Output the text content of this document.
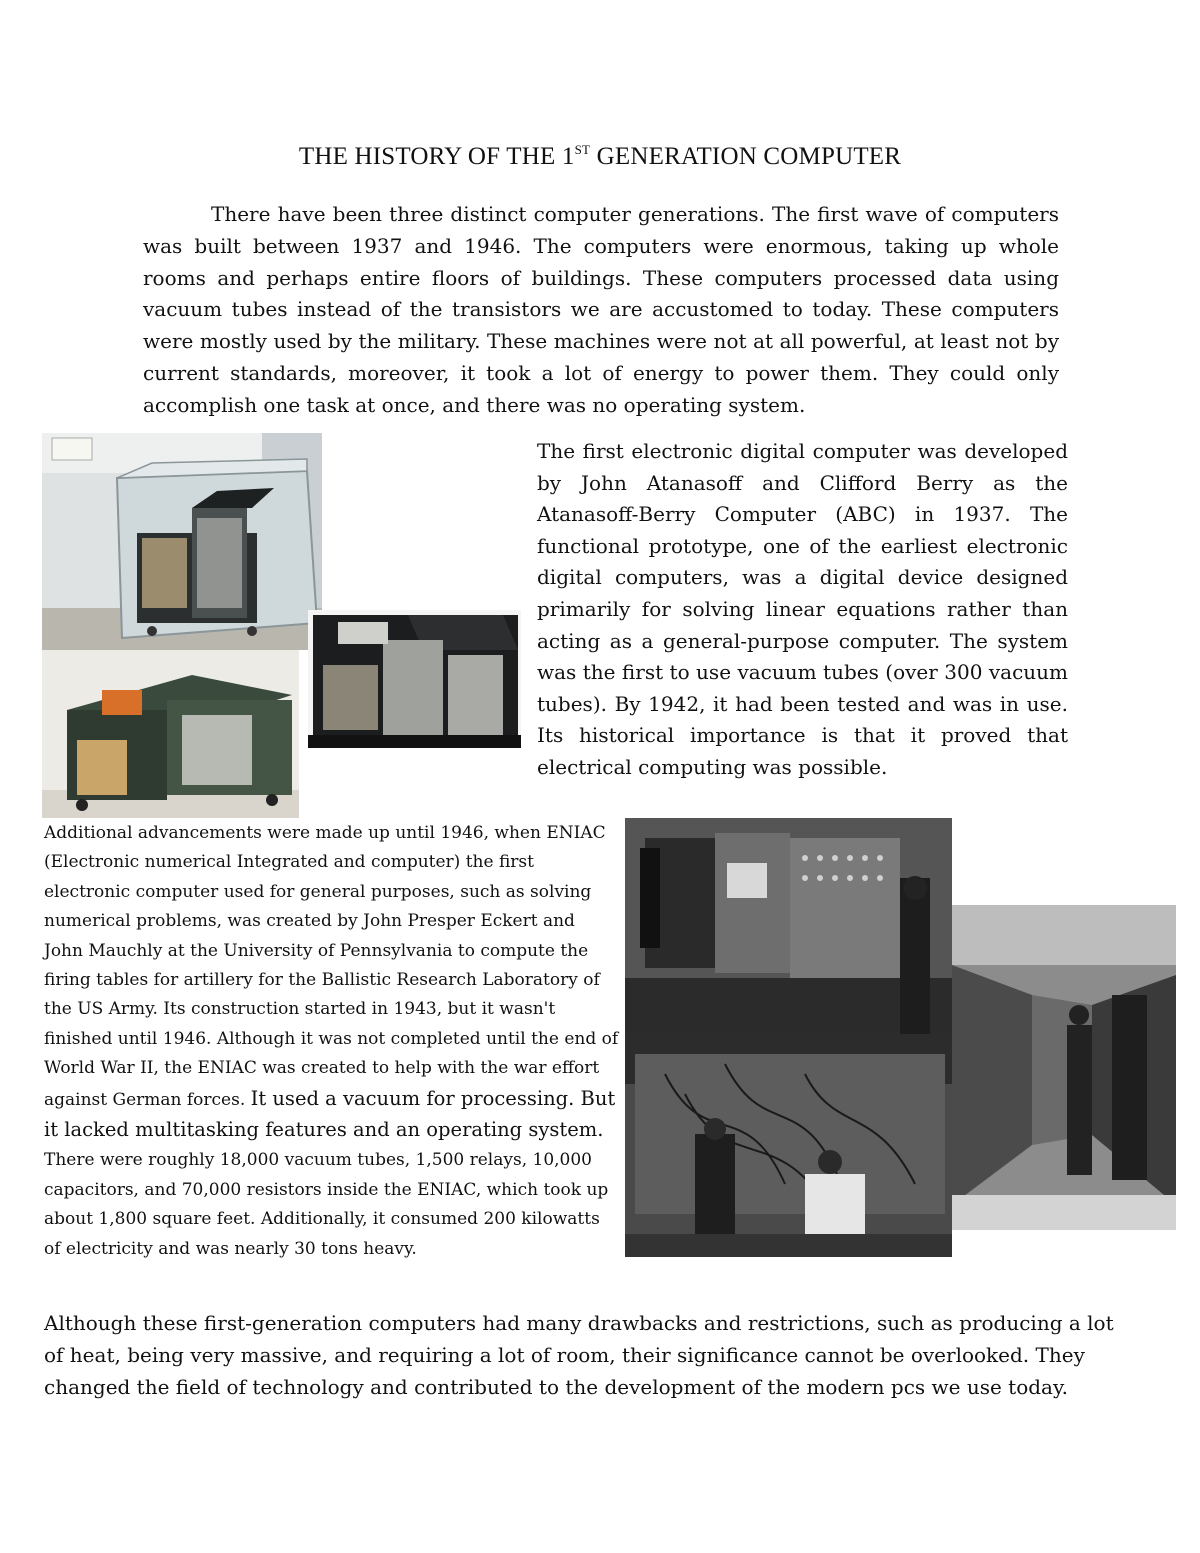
THE HISTORY OF THE 1ST GENERATION COMPUTER

There have been three distinct computer generations. The first wave of computers was built between 1937 and 1946. The computers were enormous, taking up whole rooms and perhaps entire floors of buildings. These computers processed data using vacuum tubes instead of the transistors we are accustomed to today. These computers were mostly used by the military. These machines were not at all powerful, at least not by current standards, moreover, it took a lot of energy to power them. They could only accomplish one task at once, and there was no operating system.

The first electronic digital computer was developed by John Atanasoff and Clifford Berry as the Atanasoff-Berry Computer (ABC) in 1937. The functional prototype, one of the earliest electronic digital computers, was a digital device designed primarily for solving linear equations rather than acting as a general-purpose computer. The system was the first to use vacuum tubes (over 300 vacuum tubes). By 1942, it had been tested and was in use. Its historical importance is that it proved that electrical computing was possible.

Additional advancements were made up until 1946, when ENIAC (Electronic numerical Integrated and computer) the first electronic computer used for general purposes, such as solving numerical problems, was created by John Presper Eckert and John Mauchly at the University of Pennsylvania to compute the firing tables for artillery for the Ballistic Research Laboratory of the US Army. Its construction started in 1943, but it wasn't finished until 1946. Although it was not completed until the end of World War II, the ENIAC was created to help with the war effort against German forces. It used a vacuum for processing. But it lacked multitasking features and an operating system. There were roughly 18,000 vacuum tubes, 1,500 relays, 10,000 capacitors, and 70,000 resistors inside the ENIAC, which took up about 1,800 square feet. Additionally, it consumed 200 kilowatts of electricity and was nearly 30 tons heavy.

Although these first-generation computers had many drawbacks and restrictions, such as producing a lot of heat, being very massive, and requiring a lot of room, their significance cannot be overlooked. They changed the field of technology and contributed to the development of the modern pcs we use today.
